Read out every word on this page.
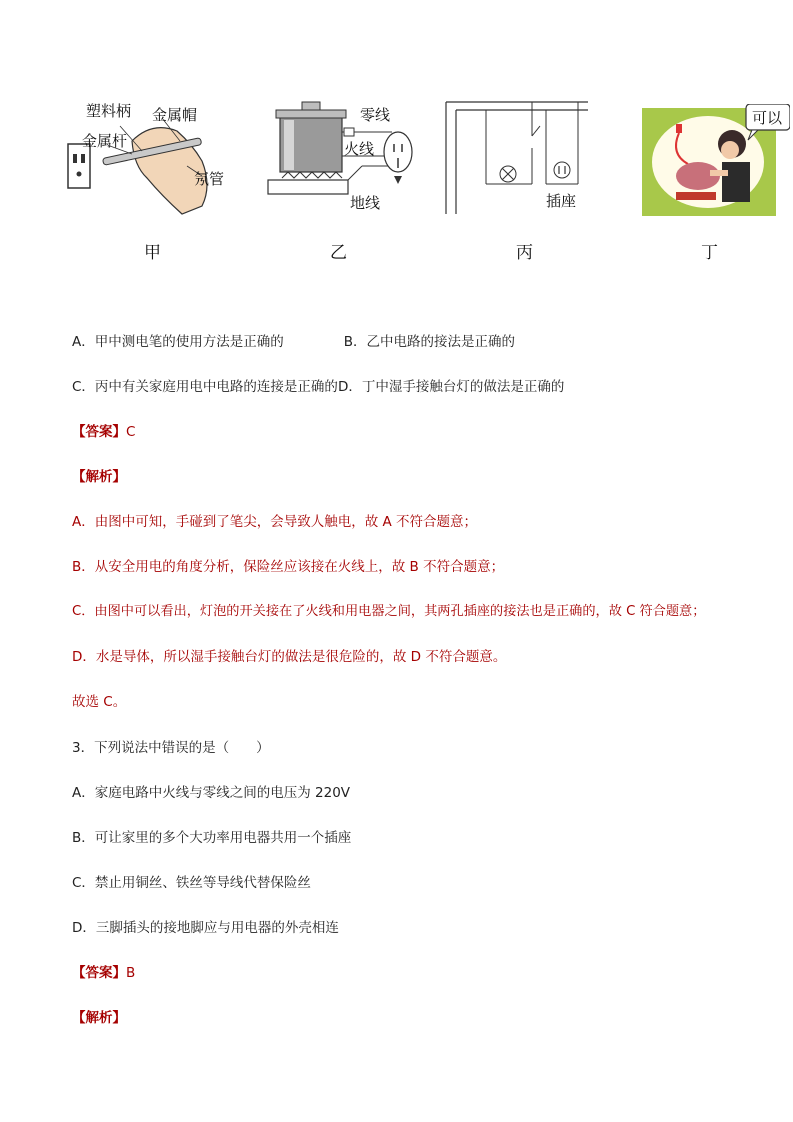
塑料柄 金属帽
金属杆
氖管
甲
零线
火线
地线
乙
插座
丙
可以
丁
A．甲中测电笔的使用方法是正确的	B．乙中电路的接法是正确的
C．丙中有关家庭用电中电路的连接是正确的D．丁中湿手接触台灯的做法是正确的
【答案】C
【解析】
A．由图中可知，手碰到了笔尖，会导致人触电，故 A 不符合题意；
B．从安全用电的角度分析，保险丝应该接在火线上，故 B 不符合题意；
C．由图中可以看出，灯泡的开关接在了火线和用电器之间，其两孔插座的接法也是正确的，故 C 符合题意；
D．水是导体，所以湿手接触台灯的做法是很危险的，故 D 不符合题意。
故选 C。
3．下列说法中错误的是（　　）
A．家庭电路中火线与零线之间的电压为 220V
B．可让家里的多个大功率用电器共用一个插座
C．禁止用铜丝、铁丝等导线代替保险丝
D．三脚插头的接地脚应与用电器的外壳相连
【答案】B
【解析】
